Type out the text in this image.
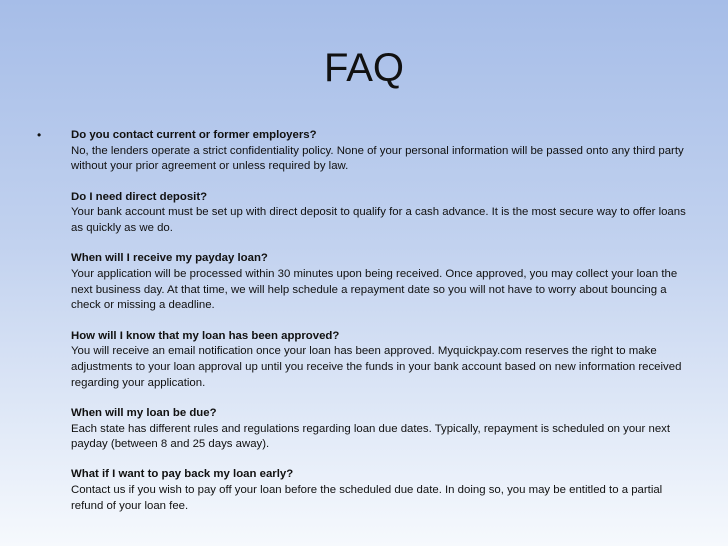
FAQ
•	Do you contact current or former employers?
No, the lenders operate a strict confidentiality policy. None of your personal information will be passed onto any third party without your prior agreement or unless required by law.
Do I need direct deposit?
Your bank account must be set up with direct deposit to qualify for a cash advance. It is the most secure way to offer loans as quickly as we do.
When will I receive my payday loan?
Your application will be processed within 30 minutes upon being received. Once approved, you may collect your loan the next business day. At that time, we will help schedule a repayment date so you will not have to worry about bouncing a check or missing a deadline.
How will I know that my loan has been approved?
You will receive an email notification once your loan has been approved. Myquickpay.com reserves the right to make adjustments to your loan approval up until you receive the funds in your bank account based on new information received regarding your application.
When will my loan be due?
Each state has different rules and regulations regarding loan due dates. Typically, repayment is scheduled on your next payday (between 8 and 25 days away).
What if I want to pay back my loan early?
Contact us if you wish to pay off your loan before the scheduled due date. In doing so, you may be entitled to a partial refund of your loan fee.
